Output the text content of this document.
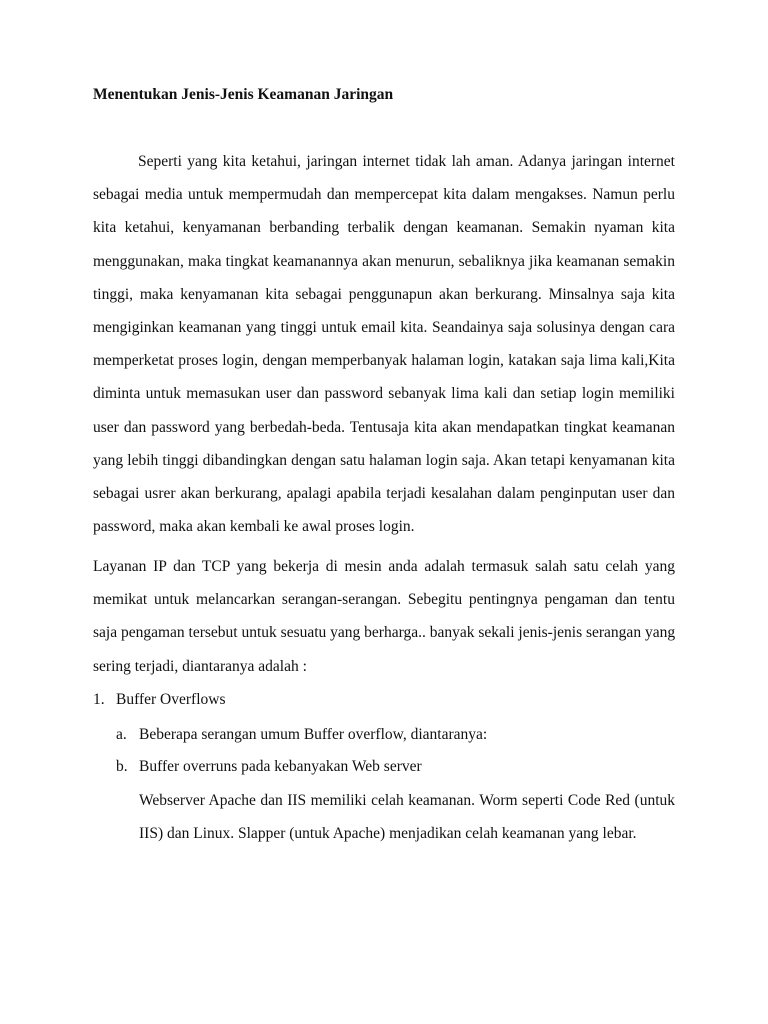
Menentukan Jenis-Jenis Keamanan Jaringan
Seperti yang kita ketahui, jaringan internet tidak lah aman. Adanya jaringan internet
sebagai media untuk mempermudah dan mempercepat kita dalam mengakses. Namun perlu
kita ketahui, kenyamanan berbanding terbalik dengan keamanan. Semakin nyaman kita
menggunakan, maka tingkat keamanannya akan menurun, sebaliknya jika keamanan semakin
tinggi, maka kenyamanan kita sebagai penggunapun akan berkurang. Minsalnya saja kita
mengiginkan keamanan yang tinggi untuk email kita. Seandainya saja solusinya dengan cara
memperketat proses login, dengan memperbanyak halaman login, katakan saja lima kali,Kita
diminta untuk memasukan user dan password sebanyak lima kali dan setiap login memiliki
user dan password yang berbedah-beda. Tentusaja kita akan mendapatkan tingkat keamanan
yang lebih tinggi dibandingkan dengan satu halaman login saja. Akan tetapi kenyamanan kita
sebagai usrer akan berkurang, apalagi apabila terjadi kesalahan dalam penginputan user dan
password, maka akan kembali ke awal proses login.
Layanan IP dan TCP yang bekerja di mesin anda adalah termasuk salah satu celah yang
memikat untuk melancarkan serangan-serangan. Sebegitu pentingnya pengaman dan tentu
saja pengaman tersebut untuk sesuatu yang berharga.. banyak sekali jenis-jenis serangan yang
sering terjadi, diantaranya adalah :
1. Buffer Overflows
a. Beberapa serangan umum Buffer overflow, diantaranya:
b. Buffer overruns pada kebanyakan Web server
Webserver Apache dan IIS memiliki celah keamanan. Worm seperti Code Red (untuk
IIS) dan Linux. Slapper (untuk Apache) menjadikan celah keamanan yang lebar.
